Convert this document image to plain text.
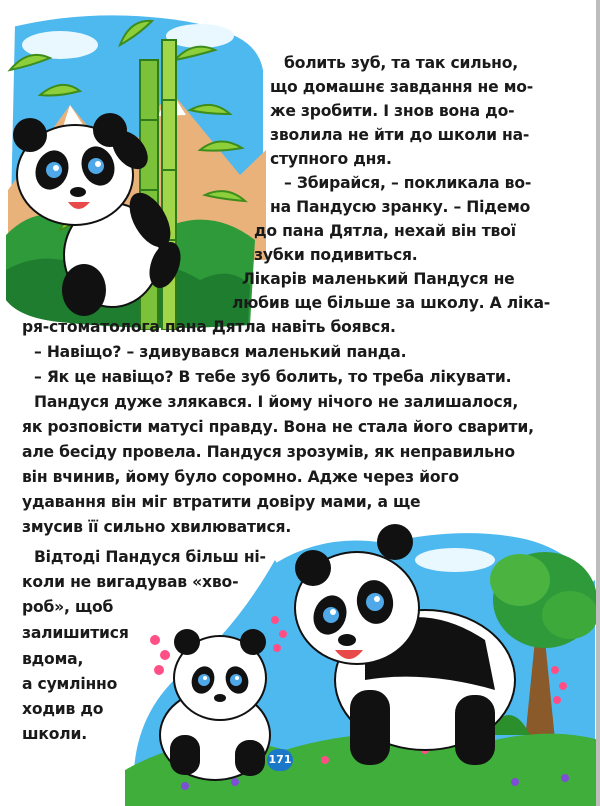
171
болить зуб, та так сильно,
що домашнє завдання не мо-
же зробити. І знов вона до-
зволила не йти до школи на-
ступного дня.
– Збирайся, – покликала во-
на Пандусю зранку. – Підемо
до пана Дятла, нехай він твої
зубки подивиться.
Лікарів маленький Пандуся не
любив ще більше за школу. А ліка-
ря-стоматолога пана Дятла навіть боявся.
– Навіщо? – здивувався маленький панда.
– Як це навіщо? В тебе зуб болить, то треба лікувати.
Пандуся дуже злякався. І йому нічого не залишалося,
як розповісти матусі правду. Вона не стала його сварити,
але бесіду провела. Пандуся зрозумів, як неправильно
він вчинив, йому було соромно. Адже через його
удавання він міг втратити довіру мами, а ще
змусив її сильно хвилюватися.
Відтоді Пандуся більш ні-
коли не вигадував «хво-
роб», щоб
залишитися
вдома,
а сумлінно
ходив до
школи.
